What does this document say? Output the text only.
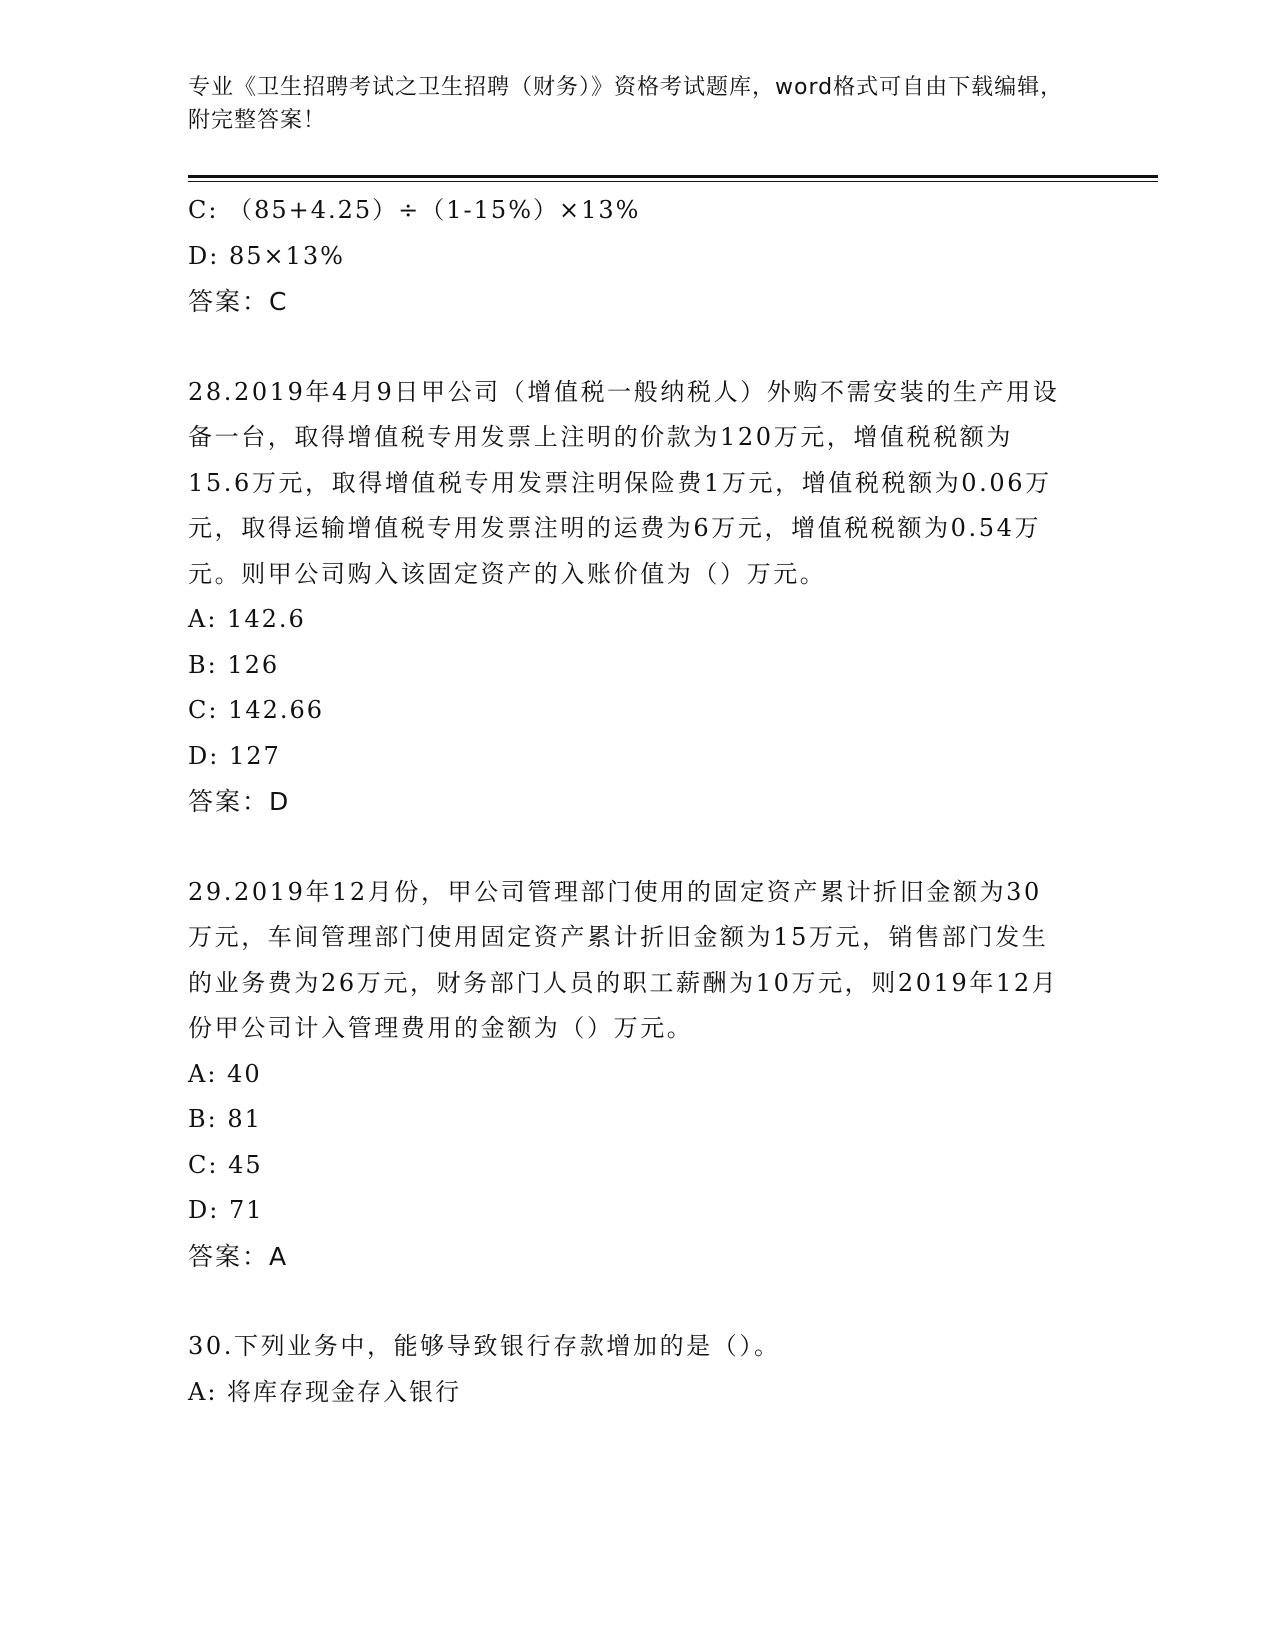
专业《卫生招聘考试之卫生招聘（财务）》资格考试题库，word格式可自由下载编辑，附完整答案！
C: （85+4.25）÷（1-15%）×13%
D: 85×13%
答案：C
28.2019年4月9日甲公司（增值税一般纳税人）外购不需安装的生产用设备一台，取得增值税专用发票上注明的价款为120万元，增值税税额为15.6万元，取得增值税专用发票注明保险费1万元，增值税税额为0.06万元，取得运输增值税专用发票注明的运费为6万元，增值税税额为0.54万元。则甲公司购入该固定资产的入账价值为（）万元。
A: 142.6
B: 126
C: 142.66
D: 127
答案：D
29.2019年12月份，甲公司管理部门使用的固定资产累计折旧金额为30万元，车间管理部门使用固定资产累计折旧金额为15万元，销售部门发生的业务费为26万元，财务部门人员的职工薪酬为10万元，则2019年12月份甲公司计入管理费用的金额为（）万元。
A: 40
B: 81
C: 45
D: 71
答案：A
30.下列业务中，能够导致银行存款增加的是（）。
A: 将库存现金存入银行
